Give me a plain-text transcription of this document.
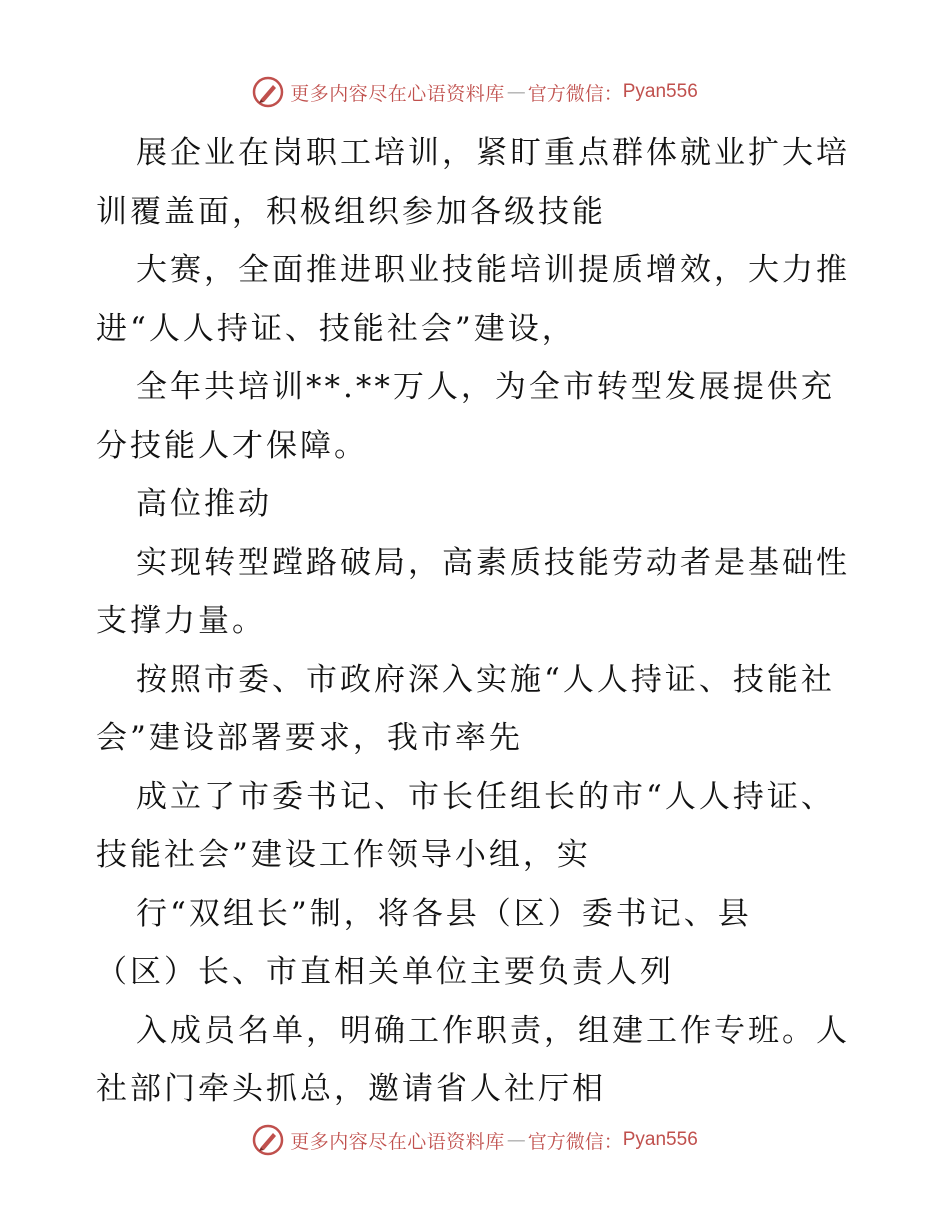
更多内容尽在心语资料库 — 官方微信： Pyan556
展企业在岗职工培训，紧盯重点群体就业扩大培
训覆盖面，积极组织参加各级技能
大赛，全面推进职业技能培训提质增效，大力推
进“人人持证、技能社会”建设，
全年共培训**.**万人，为全市转型发展提供充
分技能人才保障。
高位推动
实现转型蹚路破局，高素质技能劳动者是基础性
支撑力量。
按照市委、市政府深入实施“人人持证、技能社
会”建设部署要求，我市率先
成立了市委书记、市长任组长的市“人人持证、
技能社会”建设工作领导小组，实
行“双组长”制，将各县（区）委书记、县
（区）长、市直相关单位主要负责人列
入成员名单，明确工作职责，组建工作专班。人
社部门牵头抓总，邀请省人社厅相
更多内容尽在心语资料库 — 官方微信： Pyan556
